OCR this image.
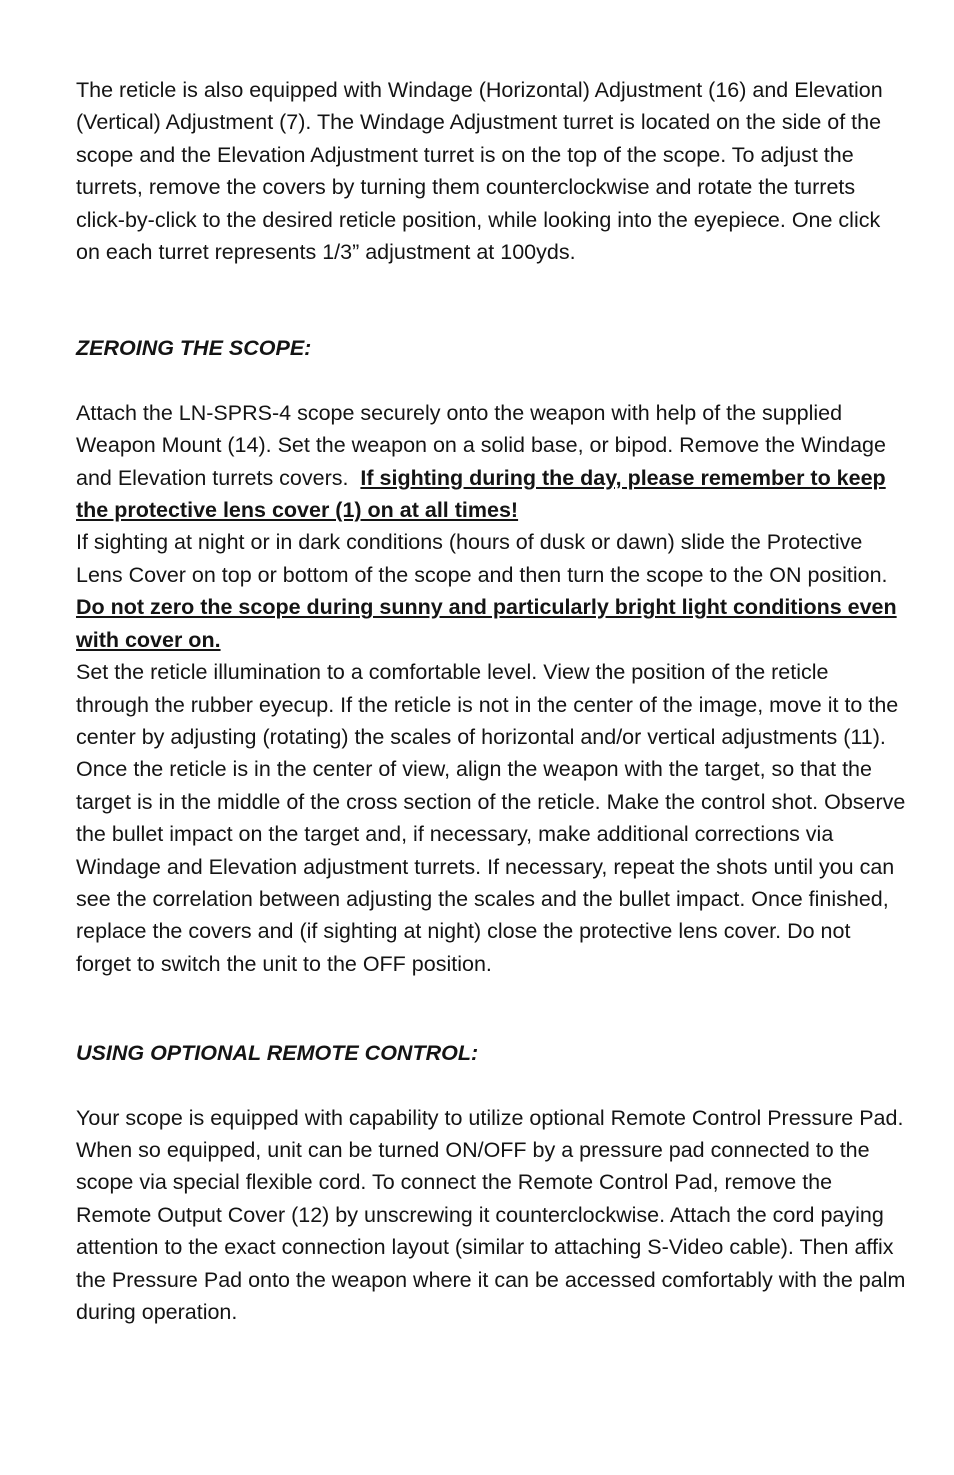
The reticle is also equipped with Windage (Horizontal) Adjustment (16) and Elevation (Vertical) Adjustment (7). The Windage Adjustment turret is located on the side of the scope and the Elevation Adjustment turret is on the top of the scope. To adjust the turrets, remove the covers by turning them counterclockwise and rotate the turrets click-by-click to the desired reticle position, while looking into the eyepiece. One click on each turret represents 1/3” adjustment at 100yds.

ZEROING THE SCOPE:

Attach the LN-SPRS-4 scope securely onto the weapon with help of the supplied Weapon Mount (14). Set the weapon on a solid base, or bipod. Remove the Windage and Elevation turrets covers. If sighting during the day, please remember to keep the protective lens cover (1) on at all times!
If sighting at night or in dark conditions (hours of dusk or dawn) slide the Protective Lens Cover on top or bottom of the scope and then turn the scope to the ON position. Do not zero the scope during sunny and particularly bright light conditions even with cover on.

Set the reticle illumination to a comfortable level. View the position of the reticle through the rubber eyecup. If the reticle is not in the center of the image, move it to the center by adjusting (rotating) the scales of horizontal and/or vertical adjustments (11). Once the reticle is in the center of view, align the weapon with the target, so that the target is in the middle of the cross section of the reticle. Make the control shot. Observe the bullet impact on the target and, if necessary, make additional corrections via Windage and Elevation adjustment turrets. If necessary, repeat the shots until you can see the correlation between adjusting the scales and the bullet impact. Once finished, replace the covers and (if sighting at night) close the protective lens cover. Do not forget to switch the unit to the OFF position.

USING OPTIONAL REMOTE CONTROL:

Your scope is equipped with capability to utilize optional Remote Control Pressure Pad. When so equipped, unit can be turned ON/OFF by a pressure pad connected to the scope via special flexible cord. To connect the Remote Control Pad, remove the Remote Output Cover (12) by unscrewing it counterclockwise. Attach the cord paying attention to the exact connection layout (similar to attaching S-Video cable). Then affix the Pressure Pad onto the weapon where it can be accessed comfortably with the palm during operation.
